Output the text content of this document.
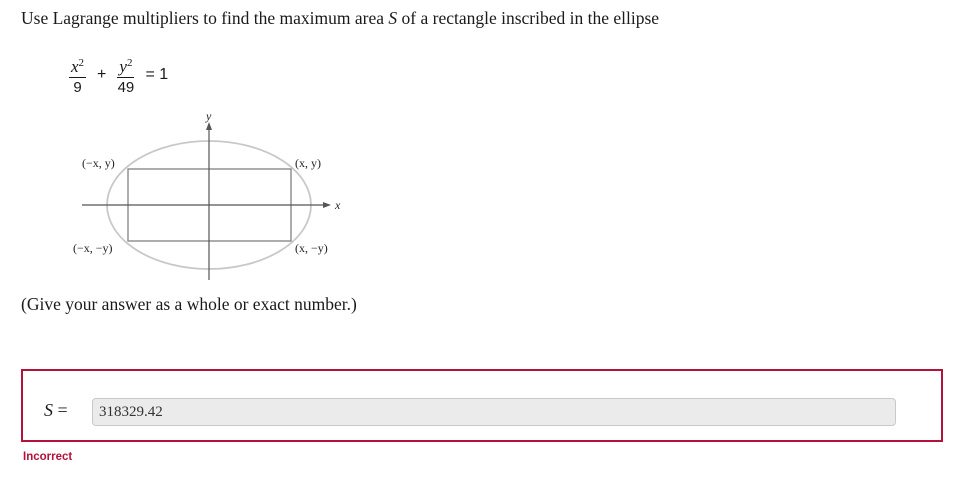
Use Lagrange multipliers to find the maximum area S of a rectangle inscribed in the ellipse
$\frac{x^2}{9} + \frac{y^2}{49} = 1$
y
x
(−x, y)	(x, y)
(−x, −y)	(x, −y)
(Give your answer as a whole or exact number.)
S =	318329.42
Incorrect
